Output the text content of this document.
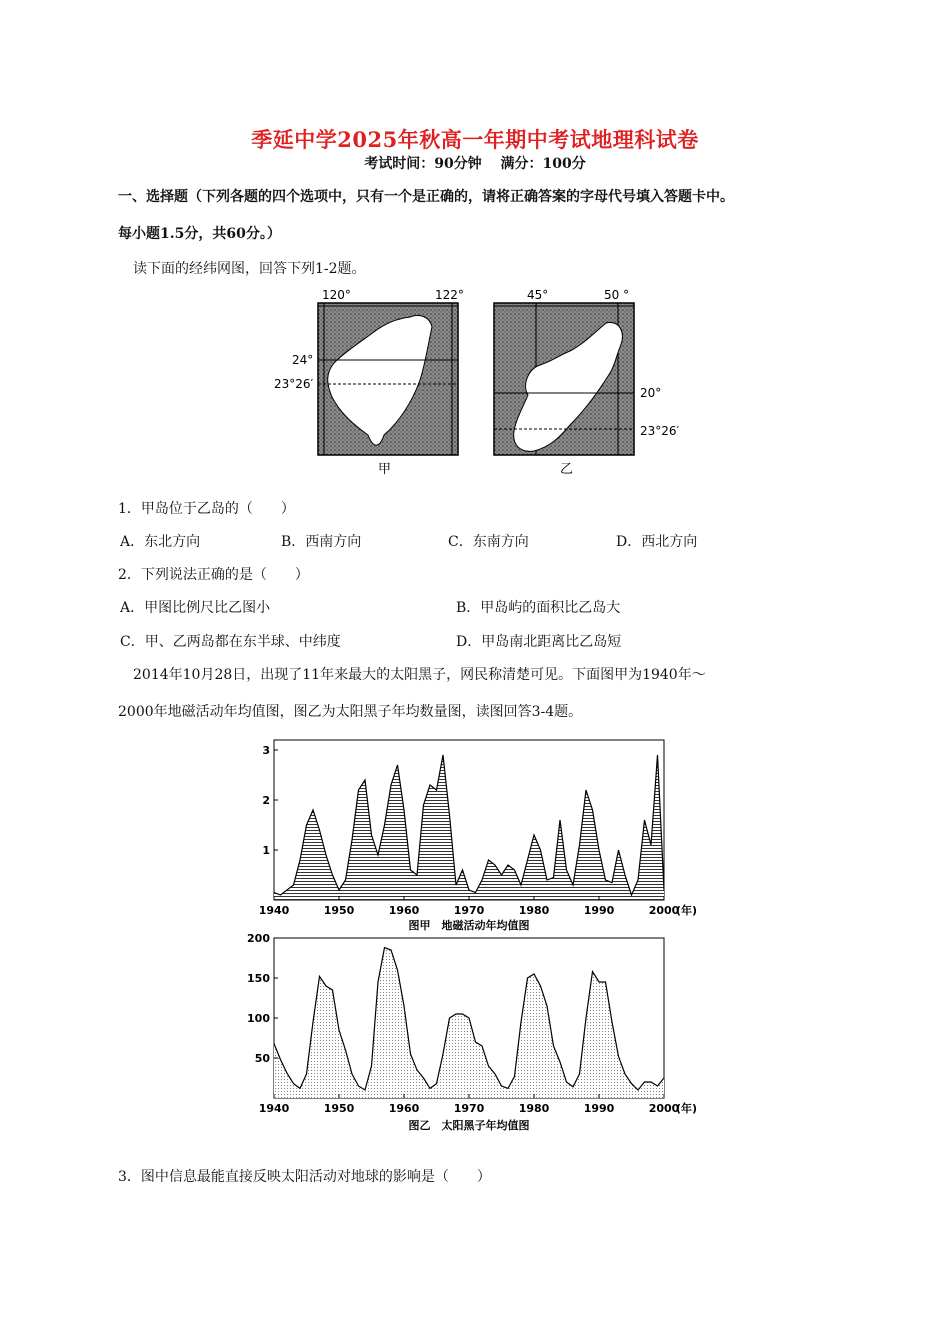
季延中学2025年秋高一年期中考试地理科试卷
考试时间：90分钟　 满分：100分
一、选择题（下列各题的四个选项中，只有一个是正确的，请将正确答案的字母代号填入答题卡中。
每小题1.5分，共60分。）
读下面的经纬网图，回答下列1-2题。
120°	122°
24°
23°26′
甲
45°	50 °
20°
23°26′
乙
1．甲岛位于乙岛的（　　）
A．东北方向	B．西南方向	C．东南方向	D．西北方向
2．下列说法正确的是（　　）
A．甲图比例尺比乙图小	B．甲岛屿的面积比乙岛大
C．甲、乙两岛都在东半球、中纬度	D．甲岛南北距离比乙岛短
2014年10月28日，出现了11年来最大的太阳黑子，网民称清楚可见。下面图甲为1940年～
2000年地磁活动年均值图，图乙为太阳黑子年均数量图，读图回答3-4题。
1940	1950	1960	1970	1980	1990	2000
1
2
3
(年)
图甲　地磁活动年均值图
1940	1950	1960	1970	1980	1990	2000
50
100
150
200
(年)
图乙　太阳黑子年均值图
3．图中信息最能直接反映太阳活动对地球的影响是（　　）
